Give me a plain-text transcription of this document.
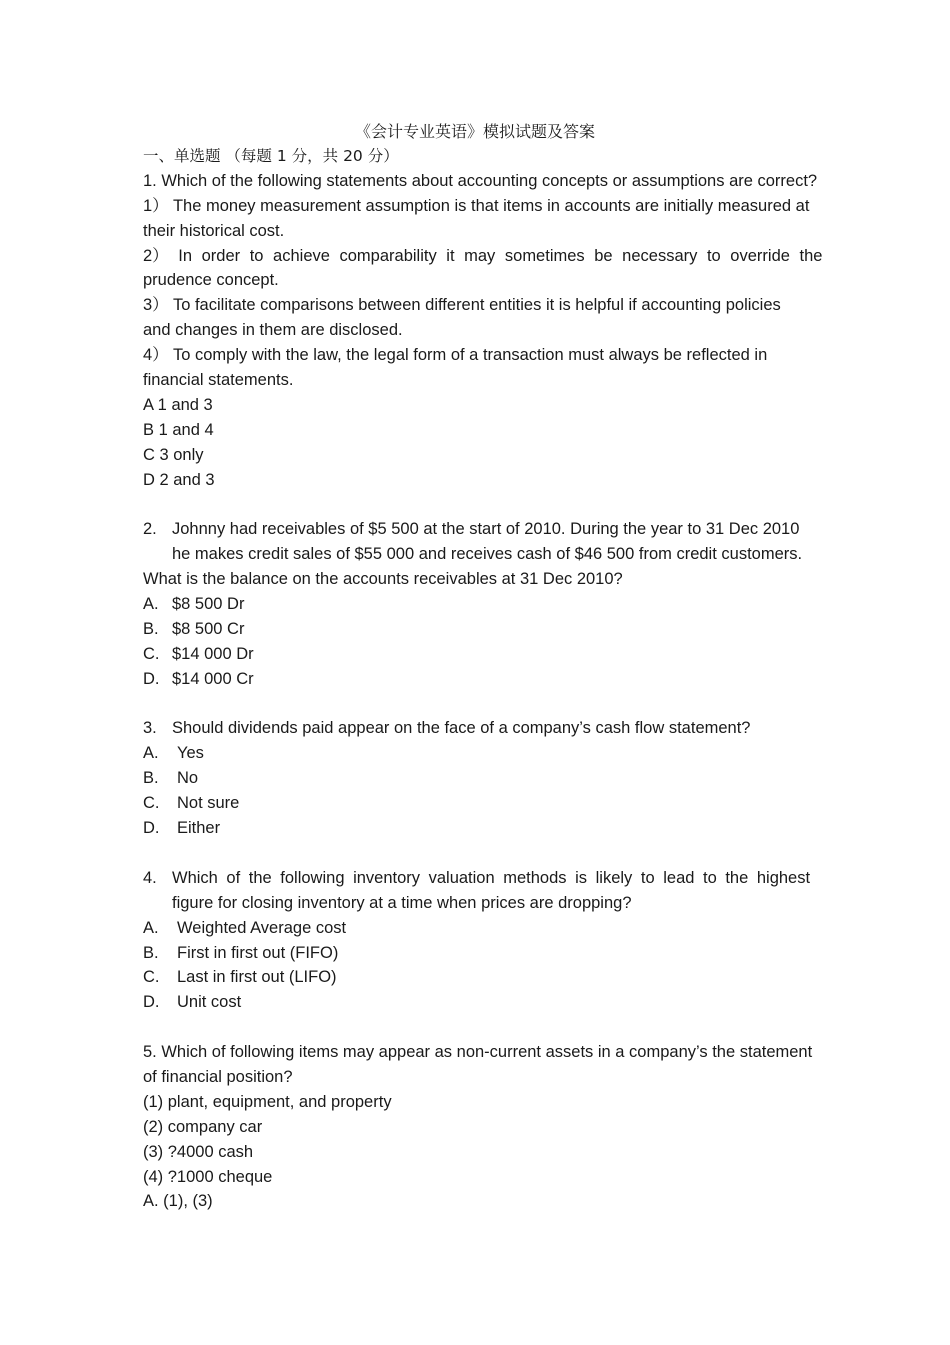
《会计专业英语》模拟试题及答案
一、单选题 （每题 1 分，共 20 分）
1. Which of the following statements about accounting concepts or assumptions are correct?
1） The money measurement assumption is that items in accounts are initially measured at
their historical cost.
2） In order to achieve comparability it may sometimes be necessary to override the
prudence concept.
3） To facilitate comparisons between different entities it is helpful if accounting policies
and changes in them are disclosed.
4） To comply with the law, the legal form of a transaction must always be reflected in
financial statements.
A 1 and 3
B 1 and 4
C 3 only
D 2 and 3
2. Johnny had receivables of $5 500 at the start of 2010. During the year to 31 Dec 2010
he makes credit sales of $55 000 and receives cash of $46 500 from credit customers.
What is the balance on the accounts receivables at 31 Dec 2010?
A. $8 500 Dr
B. $8 500 Cr
C. $14 000 Dr
D. $14 000 Cr
3. Should dividends paid appear on the face of a company’s cash flow statement?
A.	Yes
B.	No
C.	Not sure
D.	Either
4. Which of the following inventory valuation methods is likely to lead to the highest
figure for closing inventory at a time when prices are dropping?
A.	Weighted Average cost
B.	First in first out (FIFO)
C.	Last in first out (LIFO)
D.	Unit cost
5. Which of following items may appear as non-current assets in a company’s the statement
of financial position?
(1) plant, equipment, and property
(2) company car
(3) ?4000 cash
(4) ?1000 cheque
A. (1), (3)
